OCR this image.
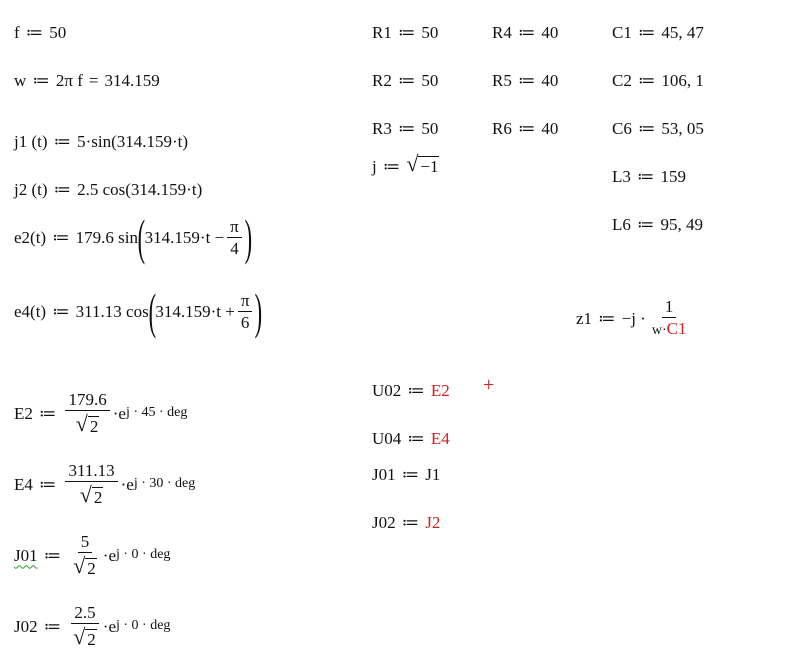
f ≔ 50
w ≔ 2π f = 314.159
j1 (t) ≔ 5·sin(314.159·t)
j2 (t) ≔ 2.5 cos(314.159·t)
e2(t) ≔ 179.6 sin ( $314.159\cdot t - \frac{\pi}{4}$ )
e4(t) ≔ 311.13 cos ( $314.159\cdot t + \frac{\pi}{6}$ )
E2 ≔ $\frac{179.6}{√ 2} \cdot e$ j · 45 · deg
E4 ≔ $\frac{311.13}{√ 2} \cdot e$ j · 30 · deg
J01 ≔ $\frac{5}{√ 2} \cdot e$ j · 0 · deg
J02 ≔ $\frac{2.5}{√ 2} \cdot e$ j · 0 · deg
R1 ≔ 50
R2 ≔ 50
R3 ≔ 50
j ≔ √ −1
R4 ≔ 40
R5 ≔ 40
R6 ≔ 40
C1 ≔ 45, 47
C2 ≔ 106, 1
C6 ≔ 53, 05
L3 ≔ 159
L6 ≔ 95, 49
z1 ≔ $-j \cdot \frac{1}{w\cdot C1}$
U02 ≔ E2
U04 ≔ E4
J01 ≔ J1
J02 ≔ J2
+
